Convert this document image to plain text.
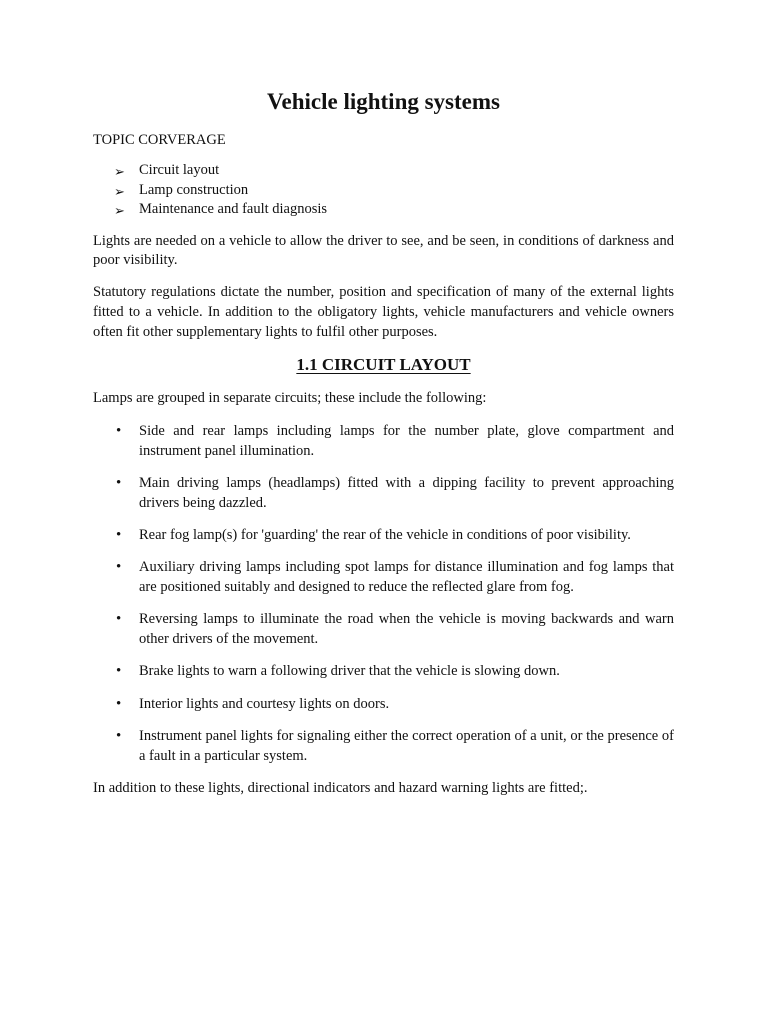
Vehicle lighting systems
TOPIC CORVERAGE
➢ Circuit layout
➢ Lamp construction
➢ Maintenance and fault diagnosis

Lights are needed on a vehicle to allow the driver to see, and be seen, in conditions of darkness and poor visibility.

Statutory regulations dictate the number, position and specification of many of the external lights fitted to a vehicle. In addition to the obligatory lights, vehicle manufacturers and vehicle owners often fit other supplementary lights to fulfil other purposes.

1.1 CIRCUIT LAYOUT

Lamps are grouped in separate circuits; these include the following:

• Side and rear lamps including lamps for the number plate, glove compartment and instrument panel illumination.
• Main driving lamps (headlamps) fitted with a dipping facility to prevent approaching drivers being dazzled.
• Rear fog lamp(s) for 'guarding' the rear of the vehicle in conditions of poor visibility.
• Auxiliary driving lamps including spot lamps for distance illumination and fog lamps that are positioned suitably and designed to reduce the reflected glare from fog.
• Reversing lamps to illuminate the road when the vehicle is moving backwards and warn other drivers of the movement.
• Brake lights to warn a following driver that the vehicle is slowing down.
• Interior lights and courtesy lights on doors.
• Instrument panel lights for signaling either the correct operation of a unit, or the presence of a fault in a particular system.

In addition to these lights, directional indicators and hazard warning lights are fitted;.
